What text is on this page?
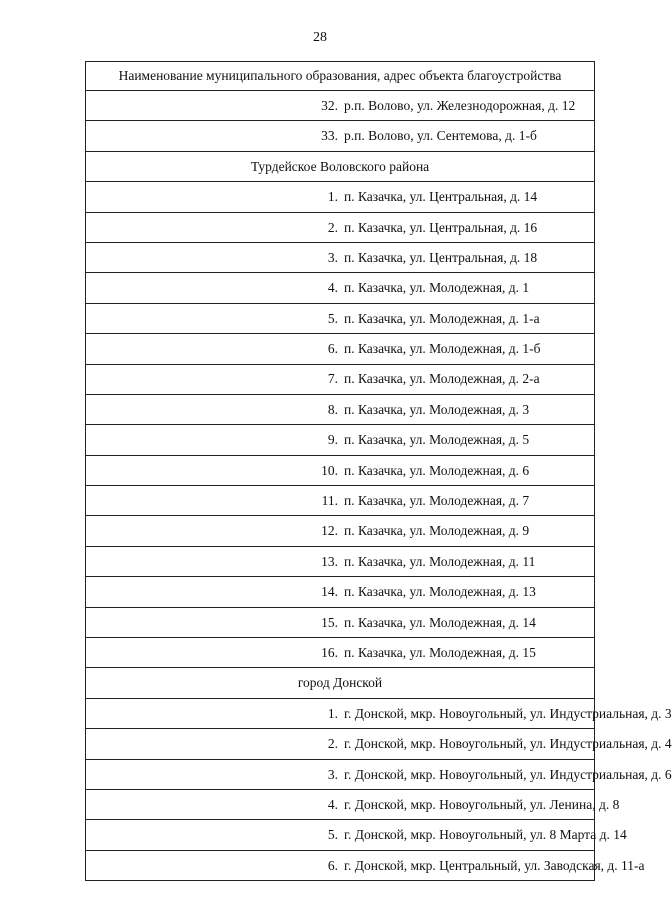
28
Наименование муниципального образования, адрес объекта благоустройства	
32.	р.п. Волово, ул. Железнодорожная, д. 12
33.	р.п. Волово, ул. Сентемова, д. 1-б
Турдейское Воловского района	
1.	п. Казачка, ул. Центральная, д. 14
2.	п. Казачка, ул. Центральная, д. 16
3.	п. Казачка, ул. Центральная, д. 18
4.	п. Казачка, ул. Молодежная, д. 1
5.	п. Казачка, ул. Молодежная, д. 1-а
6.	п. Казачка, ул. Молодежная, д. 1-б
7.	п. Казачка, ул. Молодежная, д. 2-а
8.	п. Казачка, ул. Молодежная, д. 3
9.	п. Казачка, ул. Молодежная, д. 5
10.	п. Казачка, ул. Молодежная, д. 6
11.	п. Казачка, ул. Молодежная, д. 7
12.	п. Казачка, ул. Молодежная, д. 9
13.	п. Казачка, ул. Молодежная, д. 11
14.	п. Казачка, ул. Молодежная, д. 13
15.	п. Казачка, ул. Молодежная, д. 14
16.	п. Казачка, ул. Молодежная, д. 15
город Донской	
1.	г. Донской, мкр. Новоугольный, ул. Индустриальная, д. 3
2.	г. Донской, мкр. Новоугольный, ул. Индустриальная, д. 4
3.	г. Донской, мкр. Новоугольный, ул. Индустриальная, д. 6
4.	г. Донской, мкр. Новоугольный, ул. Ленина, д. 8
5.	г. Донской, мкр. Новоугольный, ул. 8 Марта д. 14
6.	г. Донской, мкр. Центральный, ул. Заводская, д. 11-а
